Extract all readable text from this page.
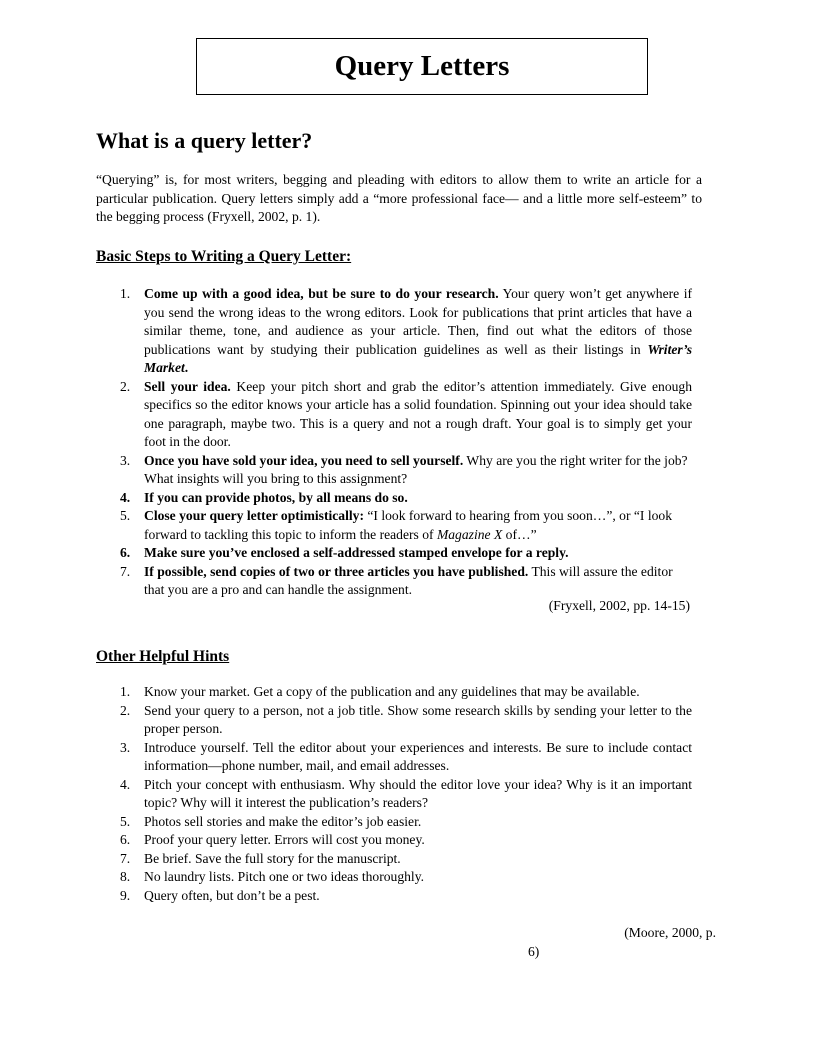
Query Letters
What is a query letter?

“Querying” is, for most writers, begging and pleading with editors to allow them to write an article for a particular publication. Query letters simply add a “more professional face— and a little more self-esteem” to the begging process (Fryxell, 2002, p. 1).

Basic Steps to Writing a Query Letter:
1. Come up with a good idea, but be sure to do your research. Your query won’t get anywhere if you send the wrong ideas to the wrong editors. Look for publications that print articles that have a similar theme, tone, and audience as your article. Then, find out what the editors of those publications want by studying their publication guidelines as well as their listings in Writer’s Market.
2. Sell your idea. Keep your pitch short and grab the editor’s attention immediately. Give enough specifics so the editor knows your article has a solid foundation. Spinning out your idea should take one paragraph, maybe two. This is a query and not a rough draft. Your goal is to simply get your foot in the door.
3. Once you have sold your idea, you need to sell yourself. Why are you the right writer for the job? What insights will you bring to this assignment?
4. If you can provide photos, by all means do so.
5. Close your query letter optimistically: “I look forward to hearing from you soon…”, or “I look forward to tackling this topic to inform the readers of Magazine X of…”
6. Make sure you’ve enclosed a self-addressed stamped envelope for a reply.
7. If possible, send copies of two or three articles you have published. This will assure the editor that you are a pro and can handle the assignment.

(Fryxell, 2002, pp. 14-15)

Other Helpful Hints
1. Know your market. Get a copy of the publication and any guidelines that may be available.
2. Send your query to a person, not a job title. Show some research skills by sending your letter to the proper person.
3. Introduce yourself. Tell the editor about your experiences and interests. Be sure to include contact information—phone number, mail, and email addresses.
4. Pitch your concept with enthusiasm. Why should the editor love your idea? Why is it an important topic? Why will it interest the publication’s readers?
5. Photos sell stories and make the editor’s job easier.
6. Proof your query letter. Errors will cost you money.
7. Be brief. Save the full story for the manuscript.
8. No laundry lists. Pitch one or two ideas thoroughly.
9. Query often, but don’t be a pest.
(Moore, 2000, p.
6)
